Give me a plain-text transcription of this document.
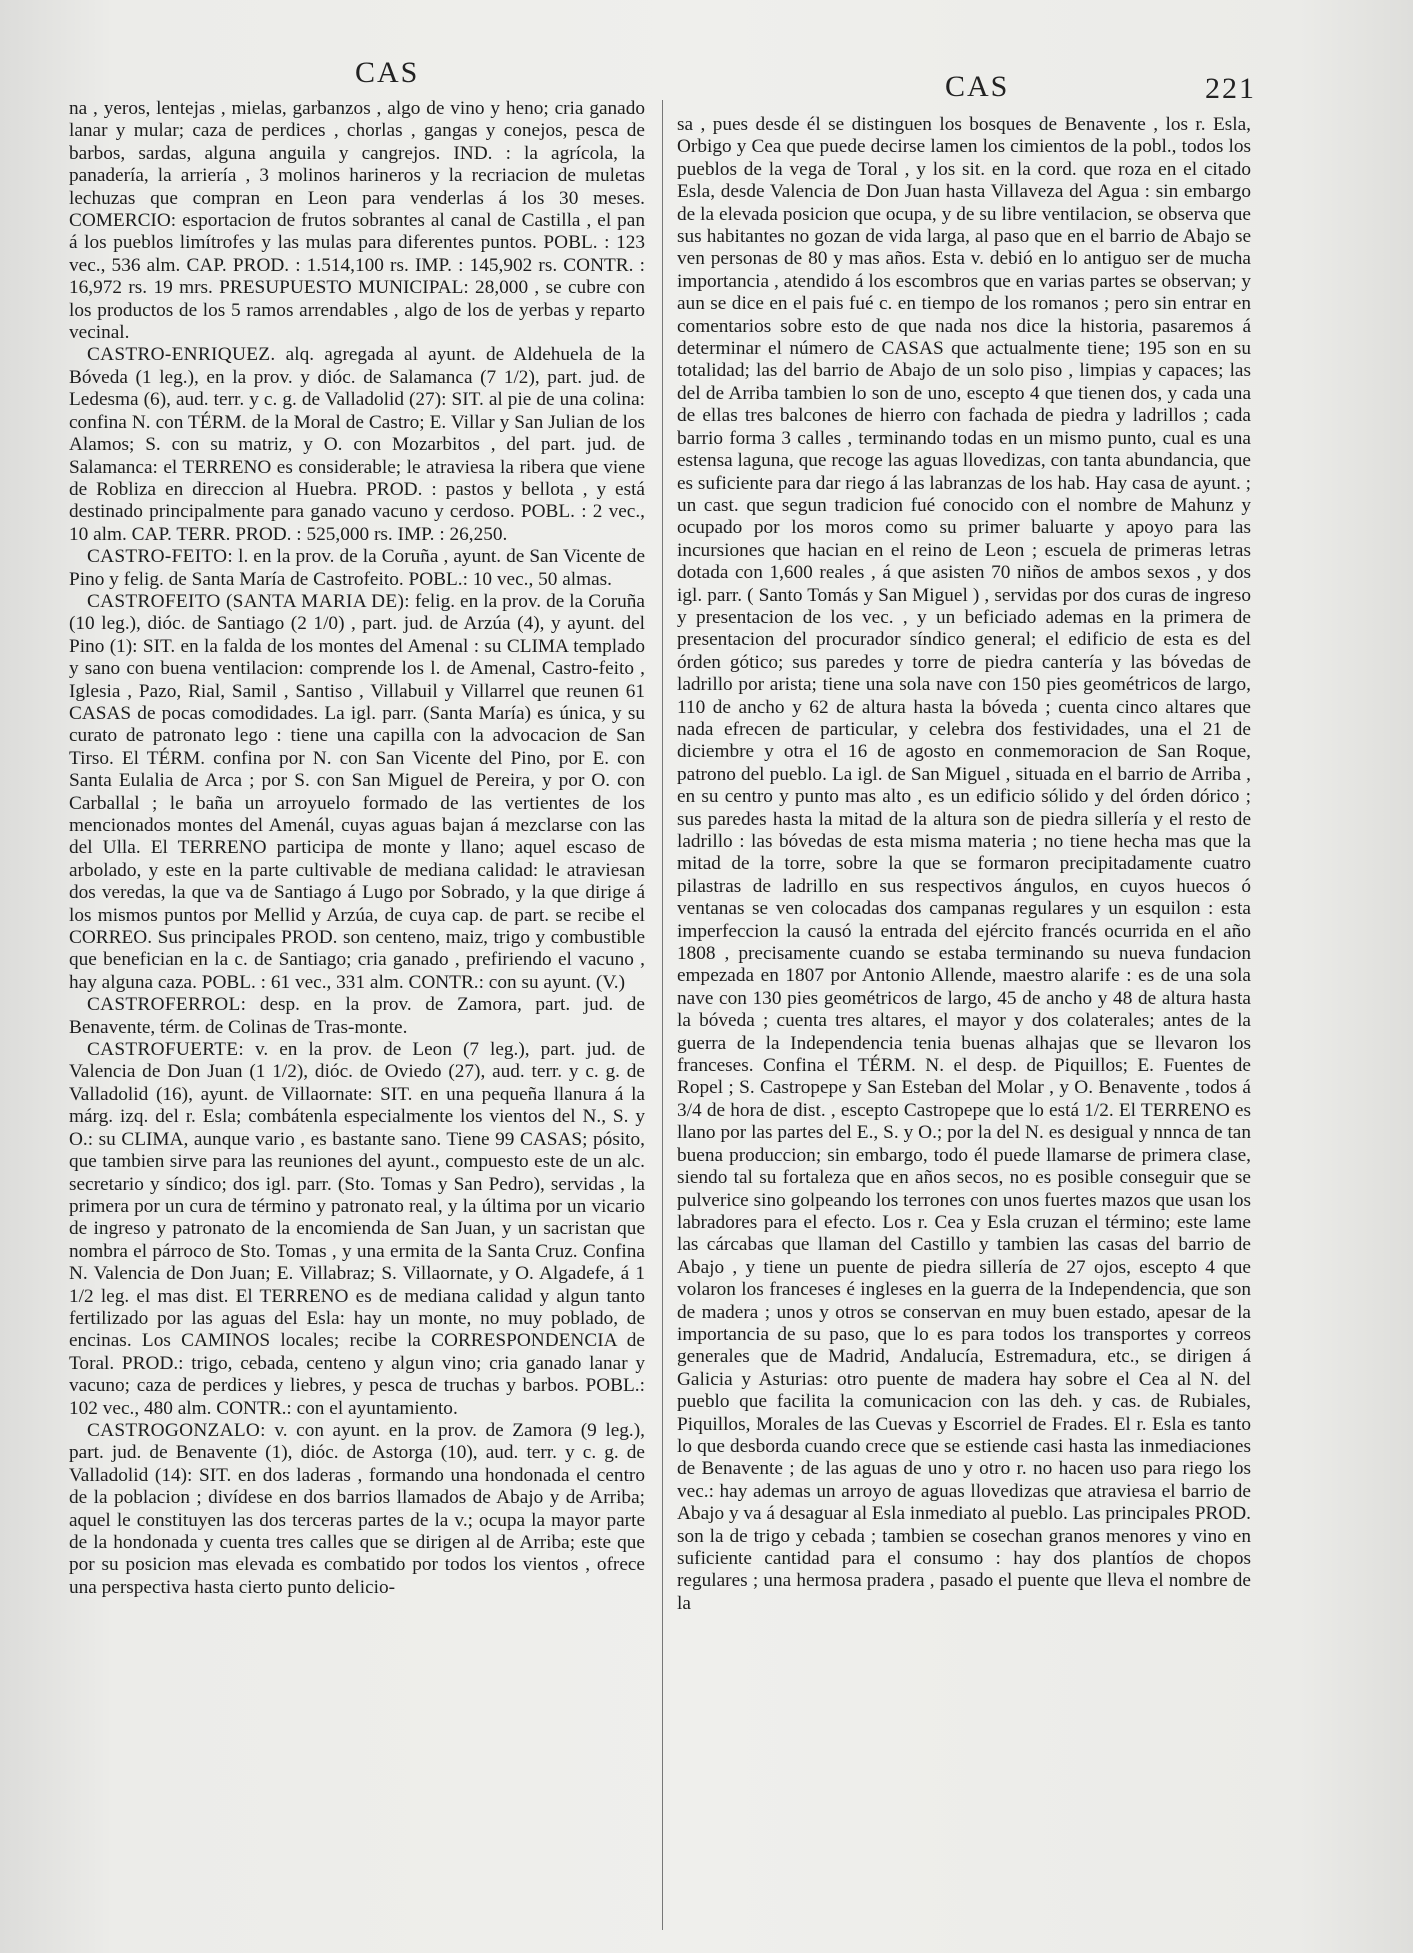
CAS	CAS	221

na , yeros, lentejas , mielas, garbanzos , algo de vino y heno; cria ganado lanar y mular; caza de perdices , chorlas , gangas y conejos, pesca de barbos, sardas, alguna anguila y cangrejos. IND. : la agrícola, la panadería, la arriería , 3 molinos harineros y la recriacion de muletas lechuzas que compran en Leon para venderlas á los 30 meses. COMERCIO: esportacion de frutos sobrantes al canal de Castilla , el pan á los pueblos limítrofes y las mulas para diferentes puntos. POBL. : 123 vec., 536 alm. CAP. PROD. : 1.514,100 rs. IMP. : 145,902 rs. CONTR. : 16,972 rs. 19 mrs. PRESUPUESTO MUNICIPAL: 28,000 , se cubre con los productos de los 5 ramos arrendables , algo de los de yerbas y reparto vecinal.

CASTRO-ENRIQUEZ. alq. agregada al ayunt. de Aldehuela de la Bóveda (1 leg.), en la prov. y dióc. de Salamanca (7 1/2), part. jud. de Ledesma (6), aud. terr. y c. g. de Valladolid (27): SIT. al pie de una colina: confina N. con TÉRM. de la Moral de Castro; E. Villar y San Julian de los Alamos; S. con su matriz, y O. con Mozarbitos , del part. jud. de Salamanca: el TERRENO es considerable; le atraviesa la ribera que viene de Robliza en direccion al Huebra. PROD. : pastos y bellota , y está destinado principalmente para ganado vacuno y cerdoso. POBL. : 2 vec., 10 alm. CAP. TERR. PROD. : 525,000 rs. IMP. : 26,250.

CASTRO-FEITO: l. en la prov. de la Coruña , ayunt. de San Vicente de Pino y felig. de Santa María de Castrofeito. POBL.: 10 vec., 50 almas.

CASTROFEITO (SANTA MARIA DE): felig. en la prov. de la Coruña (10 leg.), dióc. de Santiago (2 1/0) , part. jud. de Arzúa (4), y ayunt. del Pino (1): SIT. en la falda de los montes del Amenal : su CLIMA templado y sano con buena ventilacion: comprende los l. de Amenal, Castro-feito , Iglesia , Pazo, Rial, Samil , Santiso , Villabuil y Villarrel que reunen 61 CASAS de pocas comodidades. La igl. parr. (Santa María) es única, y su curato de patronato lego : tiene una capilla con la advocacion de San Tirso. El TÉRM. confina por N. con San Vicente del Pino, por E. con Santa Eulalia de Arca ; por S. con San Miguel de Pereira, y por O. con Carballal ; le baña un arroyuelo formado de las vertientes de los mencionados montes del Amenál, cuyas aguas bajan á mezclarse con las del Ulla. El TERRENO participa de monte y llano; aquel escaso de arbolado, y este en la parte cultivable de mediana calidad: le atraviesan dos veredas, la que va de Santiago á Lugo por Sobrado, y la que dirige á los mismos puntos por Mellid y Arzúa, de cuya cap. de part. se recibe el CORREO. Sus principales PROD. son centeno, maiz, trigo y combustible que benefician en la c. de Santiago; cria ganado , prefiriendo el vacuno , hay alguna caza. POBL. : 61 vec., 331 alm. CONTR.: con su ayunt. (V.)

CASTROFERROL: desp. en la prov. de Zamora, part. jud. de Benavente, térm. de Colinas de Tras-monte.

CASTROFUERTE: v. en la prov. de Leon (7 leg.), part. jud. de Valencia de Don Juan (1 1/2), dióc. de Oviedo (27), aud. terr. y c. g. de Valladolid (16), ayunt. de Villaornate: SIT. en una pequeña llanura á la márg. izq. del r. Esla; combátenla especialmente los vientos del N., S. y O.: su CLIMA, aunque vario , es bastante sano. Tiene 99 CASAS; pósito, que tambien sirve para las reuniones del ayunt., compuesto este de un alc. secretario y síndico; dos igl. parr. (Sto. Tomas y San Pedro), servidas , la primera por un cura de término y patronato real, y la última por un vicario de ingreso y patronato de la encomienda de San Juan, y un sacristan que nombra el párroco de Sto. Tomas , y una ermita de la Santa Cruz. Confina N. Valencia de Don Juan; E. Villabraz; S. Villaornate, y O. Algadefe, á 1 1/2 leg. el mas dist. El TERRENO es de mediana calidad y algun tanto fertilizado por las aguas del Esla: hay un monte, no muy poblado, de encinas. Los CAMINOS locales; recibe la CORRESPONDENCIA de Toral. PROD.: trigo, cebada, centeno y algun vino; cria ganado lanar y vacuno; caza de perdices y liebres, y pesca de truchas y barbos. POBL.: 102 vec., 480 alm. CONTR.: con el ayuntamiento.

CASTROGONZALO: v. con ayunt. en la prov. de Zamora (9 leg.), part. jud. de Benavente (1), dióc. de Astorga (10), aud. terr. y c. g. de Valladolid (14): SIT. en dos laderas , formando una hondonada el centro de la poblacion ; divídese en dos barrios llamados de Abajo y de Arriba; aquel le constituyen las dos terceras partes de la v.; ocupa la mayor parte de la hondonada y cuenta tres calles que se dirigen al de Arriba; este que por su posicion mas elevada es combatido por todos los vientos , ofrece una perspectiva hasta cierto punto delicio-

sa , pues desde él se distinguen los bosques de Benavente , los r. Esla, Orbigo y Cea que puede decirse lamen los cimientos de la pobl., todos los pueblos de la vega de Toral , y los sit. en la cord. que roza en el citado Esla, desde Valencia de Don Juan hasta Villaveza del Agua : sin embargo de la elevada posicion que ocupa, y de su libre ventilacion, se observa que sus habitantes no gozan de vida larga, al paso que en el barrio de Abajo se ven personas de 80 y mas años. Esta v. debió en lo antiguo ser de mucha importancia , atendido á los escombros que en varias partes se observan; y aun se dice en el pais fué c. en tiempo de los romanos ; pero sin entrar en comentarios sobre esto de que nada nos dice la historia, pasaremos á determinar el número de CASAS que actualmente tiene; 195 son en su totalidad; las del barrio de Abajo de un solo piso , limpias y capaces; las del de Arriba tambien lo son de uno, escepto 4 que tienen dos, y cada una de ellas tres balcones de hierro con fachada de piedra y ladrillos ; cada barrio forma 3 calles , terminando todas en un mismo punto, cual es una estensa laguna, que recoge las aguas llovedizas, con tanta abundancia, que es suficiente para dar riego á las labranzas de los hab. Hay casa de ayunt. ; un cast. que segun tradicion fué conocido con el nombre de Mahunz y ocupado por los moros como su primer baluarte y apoyo para las incursiones que hacian en el reino de Leon ; escuela de primeras letras dotada con 1,600 reales , á que asisten 70 niños de ambos sexos , y dos igl. parr. ( Santo Tomás y San Miguel ) , servidas por dos curas de ingreso y presentacion de los vec. , y un beficiado ademas en la primera de presentacion del procurador síndico general; el edificio de esta es del órden gótico; sus paredes y torre de piedra cantería y las bóvedas de ladrillo por arista; tiene una sola nave con 150 pies geométricos de largo, 110 de ancho y 62 de altura hasta la bóveda ; cuenta cinco altares que nada efrecen de particular, y celebra dos festividades, una el 21 de diciembre y otra el 16 de agosto en conmemoracion de San Roque, patrono del pueblo. La igl. de San Miguel , situada en el barrio de Arriba , en su centro y punto mas alto , es un edificio sólido y del órden dórico ; sus paredes hasta la mitad de la altura son de piedra sillería y el resto de ladrillo : las bóvedas de esta misma materia ; no tiene hecha mas que la mitad de la torre, sobre la que se formaron precipitadamente cuatro pilastras de ladrillo en sus respectivos ángulos, en cuyos huecos ó ventanas se ven colocadas dos campanas regulares y un esquilon : esta imperfeccion la causó la entrada del ejército francés ocurrida en el año 1808 , precisamente cuando se estaba terminando su nueva fundacion empezada en 1807 por Antonio Allende, maestro alarife : es de una sola nave con 130 pies geométricos de largo, 45 de ancho y 48 de altura hasta la bóveda ; cuenta tres altares, el mayor y dos colaterales; antes de la guerra de la Independencia tenia buenas alhajas que se llevaron los franceses. Confina el TÉRM. N. el desp. de Piquillos; E. Fuentes de Ropel ; S. Castropepe y San Esteban del Molar , y O. Benavente , todos á 3/4 de hora de dist. , escepto Castropepe que lo está 1/2. El TERRENO es llano por las partes del E., S. y O.; por la del N. es desigual y nnnca de tan buena produccion; sin embargo, todo él puede llamarse de primera clase, siendo tal su fortaleza que en años secos, no es posible conseguir que se pulverice sino golpeando los terrones con unos fuertes mazos que usan los labradores para el efecto. Los r. Cea y Esla cruzan el término; este lame las cárcabas que llaman del Castillo y tambien las casas del barrio de Abajo , y tiene un puente de piedra sillería de 27 ojos, escepto 4 que volaron los franceses é ingleses en la guerra de la Independencia, que son de madera ; unos y otros se conservan en muy buen estado, apesar de la importancia de su paso, que lo es para todos los transportes y correos generales que de Madrid, Andalucía, Estremadura, etc., se dirigen á Galicia y Asturias: otro puente de madera hay sobre el Cea al N. del pueblo que facilita la comunicacion con las deh. y cas. de Rubiales, Piquillos, Morales de las Cuevas y Escorriel de Frades. El r. Esla es tanto lo que desborda cuando crece que se estiende casi hasta las inmediaciones de Benavente ; de las aguas de uno y otro r. no hacen uso para riego los vec.: hay ademas un arroyo de aguas llovedizas que atraviesa el barrio de Abajo y va á desaguar al Esla inmediato al pueblo. Las principales PROD. son la de trigo y cebada ; tambien se cosechan granos menores y vino en suficiente cantidad para el consumo : hay dos plantíos de chopos regulares ; una hermosa pradera , pasado el puente que lleva el nombre de la
